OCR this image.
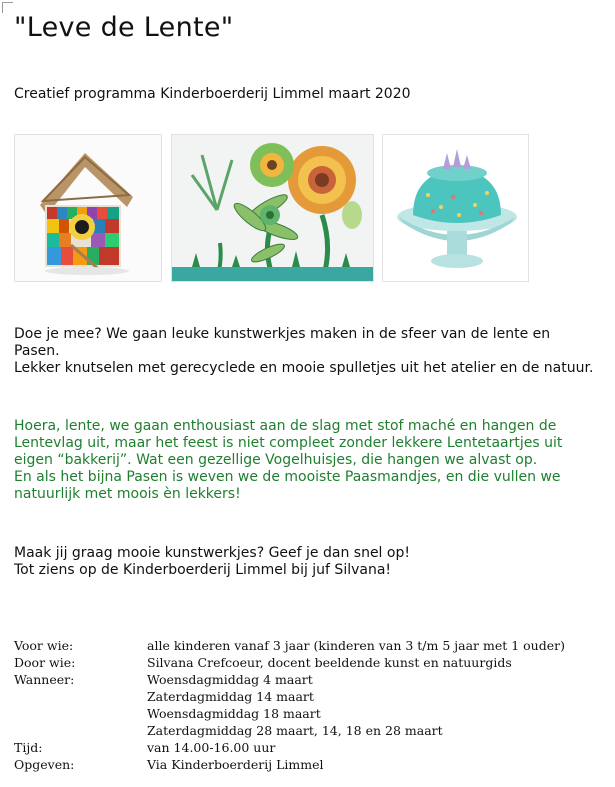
"Leve de Lente"
Creatief programma Kinderboerderij Limmel maart 2020
Doe je mee? We gaan leuke kunstwerkjes maken in de sfeer van de lente en
Pasen.
Lekker knutselen met gerecyclede en mooie spulletjes uit het atelier en de natuur.
Hoera, lente, we gaan enthousiast aan de slag met stof maché en hangen de
Lentevlag uit, maar het feest is niet compleet zonder lekkere Lentetaartjes uit
eigen “bakkerij”. Wat een gezellige Vogelhuisjes, die hangen we alvast op.
En als het bijna Pasen is weven we de mooiste Paasmandjes, en die vullen we
natuurlijk met moois èn lekkers!
Maak jij graag mooie kunstwerkjes? Geef je dan snel op!
Tot ziens op de Kinderboerderij Limmel bij juf Silvana!
Voor wie:	alle kinderen vanaf 3 jaar (kinderen van 3 t/m 5 jaar met 1 ouder)
Door wie:	Silvana Crefcoeur, docent beeldende kunst en natuurgids
Wanneer:	Woensdagmiddag 4 maart
Zaterdagmiddag 14 maart
Woensdagmiddag 18 maart
Zaterdagmiddag 28 maart, 14, 18 en 28 maart
Tijd:	van 14.00-16.00 uur
Opgeven:	Via Kinderboerderij Limmel
